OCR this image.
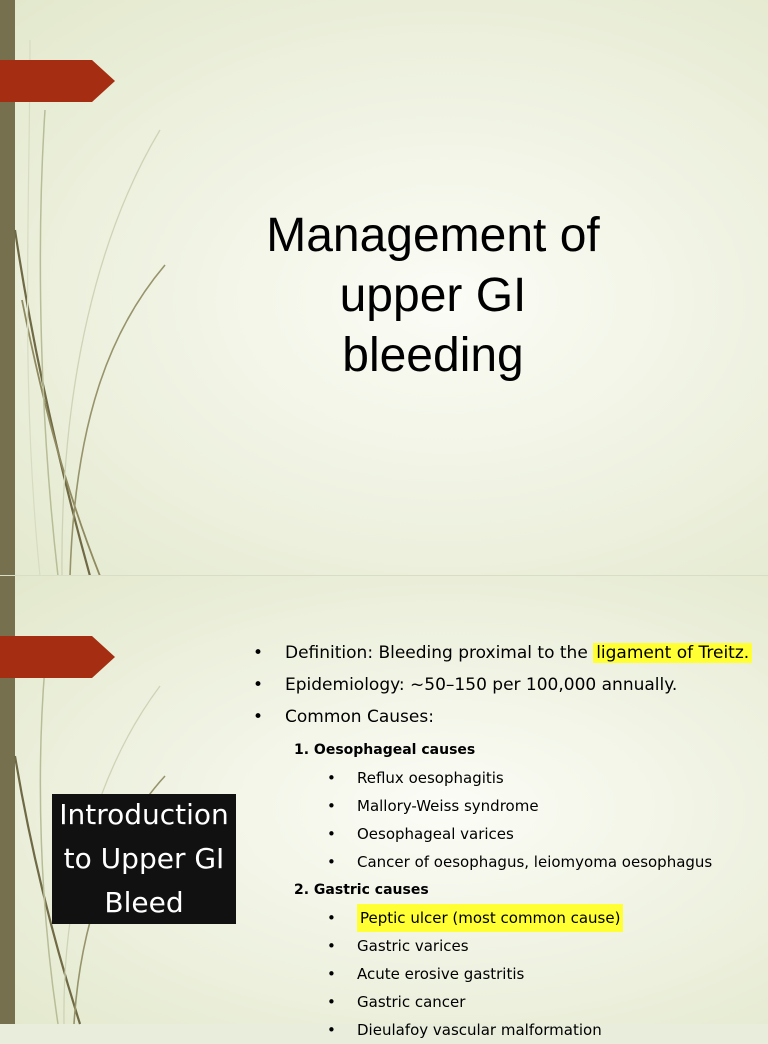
Management of
upper GI
bleeding
Introduction
to Upper GI
Bleed
• Definition: Bleeding proximal to the ligament of Treitz.
• Epidemiology: ~50–150 per 100,000 annually.
• Common Causes:
1. Oesophageal causes
• Reflux oesophagitis
• Mallory-Weiss syndrome
• Oesophageal varices
• Cancer of oesophagus, leiomyoma oesophagus
2. Gastric causes
• Peptic ulcer (most common cause)
• Gastric varices
• Acute erosive gastritis
• Gastric cancer
• Dieulafoy vascular malformation
